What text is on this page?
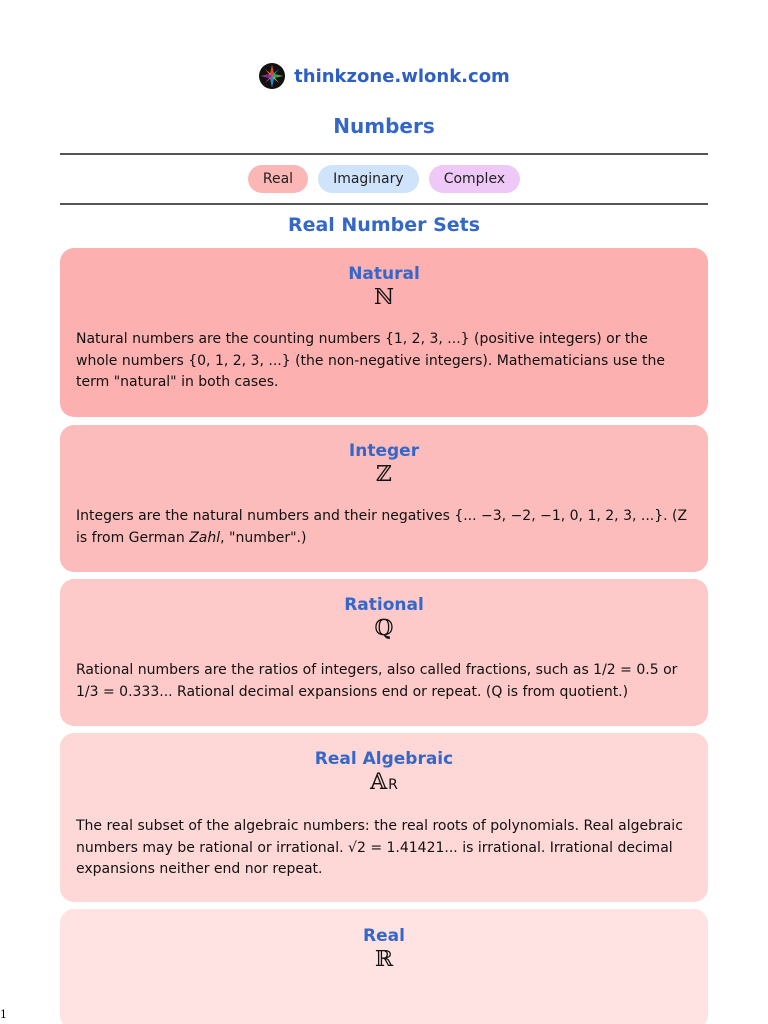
thinkzone.wlonk.com
Numbers
Real	Imaginary	Complex
Real Number Sets
Natural
ℕ
Natural numbers are the counting numbers {1, 2, 3, ...} (positive integers) or the whole numbers {0, 1, 2, 3, ...} (the non-negative integers). Mathematicians use the term "natural" in both cases.
Integer
ℤ
Integers are the natural numbers and their negatives {... −3, −2, −1, 0, 1, 2, 3, ...}. (Z is from German Zahl, "number".)
Rational
ℚ
Rational numbers are the ratios of integers, also called fractions, such as 1/2 = 0.5 or 1/3 = 0.333... Rational decimal expansions end or repeat. (Q is from quotient.)
Real Algebraic
𝔸R
The real subset of the algebraic numbers: the real roots of polynomials. Real algebraic numbers may be rational or irrational. √2 = 1.41421... is irrational. Irrational decimal expansions neither end nor repeat.
Real
ℝ
1
